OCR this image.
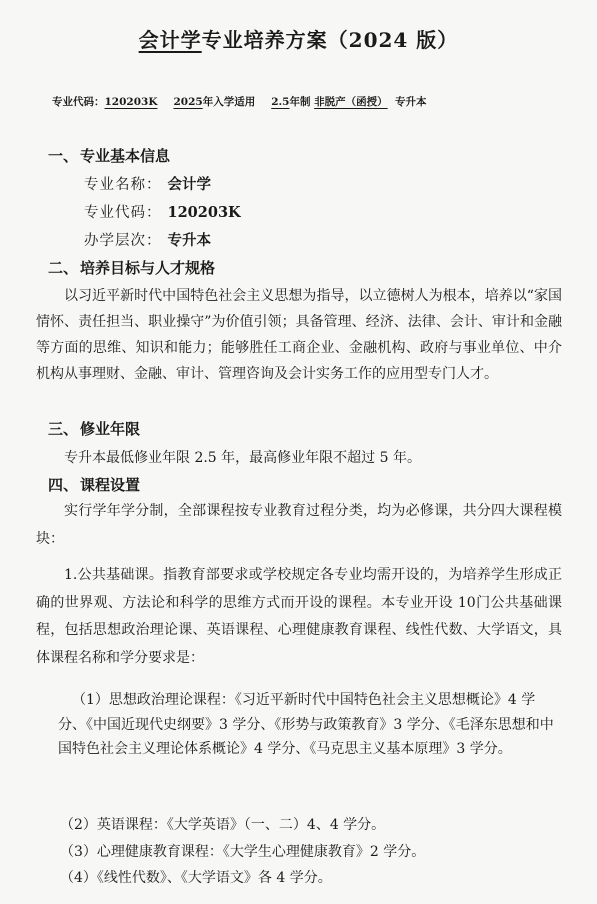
会计学专业培养方案（2024 版）
专业代码：120203K 2025年入学适用 2.5年制 非脱产（函授） 专升本
一、 专业基本信息
专业名称： 会计学
专业代码： 120203K
办学层次： 专升本
二、 培养目标与人才规格
以习近平新时代中国特色社会主义思想为指导，以立德树人为根本，培养以“家国情怀、责任担当、职业操守”为价值引领；具备管理、经济、法律、会计、审计和金融等方面的思维、知识和能力；能够胜任工商企业、金融机构、政府与事业单位、中介机构从事理财、金融、审计、管理咨询及会计实务工作的应用型专门人才。
三、 修业年限
专升本最低修业年限 2.5 年，最高修业年限不超过 5 年。
四、 课程设置
实行学年学分制，全部课程按专业教育过程分类，均为必修课，共分四大课程模块：
1.公共基础课。指教育部要求或学校规定各专业均需开设的，为培养学生形成正确的世界观、方法论和科学的思维方式而开设的课程。本专业开设 10门公共基础课程，包括思想政治理论课、英语课程、心理健康教育课程、线性代数、大学语文，具体课程名称和学分要求是：
（1）思想政治理论课程：《习近平新时代中国特色社会主义思想概论》4 学分、《中国近现代史纲要》3 学分、《形势与政策教育》3 学分、《毛泽东思想和中国特色社会主义理论体系概论》4 学分、《马克思主义基本原理》3 学分。
（2）英语课程：《大学英语》（一、二）4、4 学分。
（3）心理健康教育课程：《大学生心理健康教育》2 学分。
（4）《线性代数》、《大学语文》各 4 学分。
